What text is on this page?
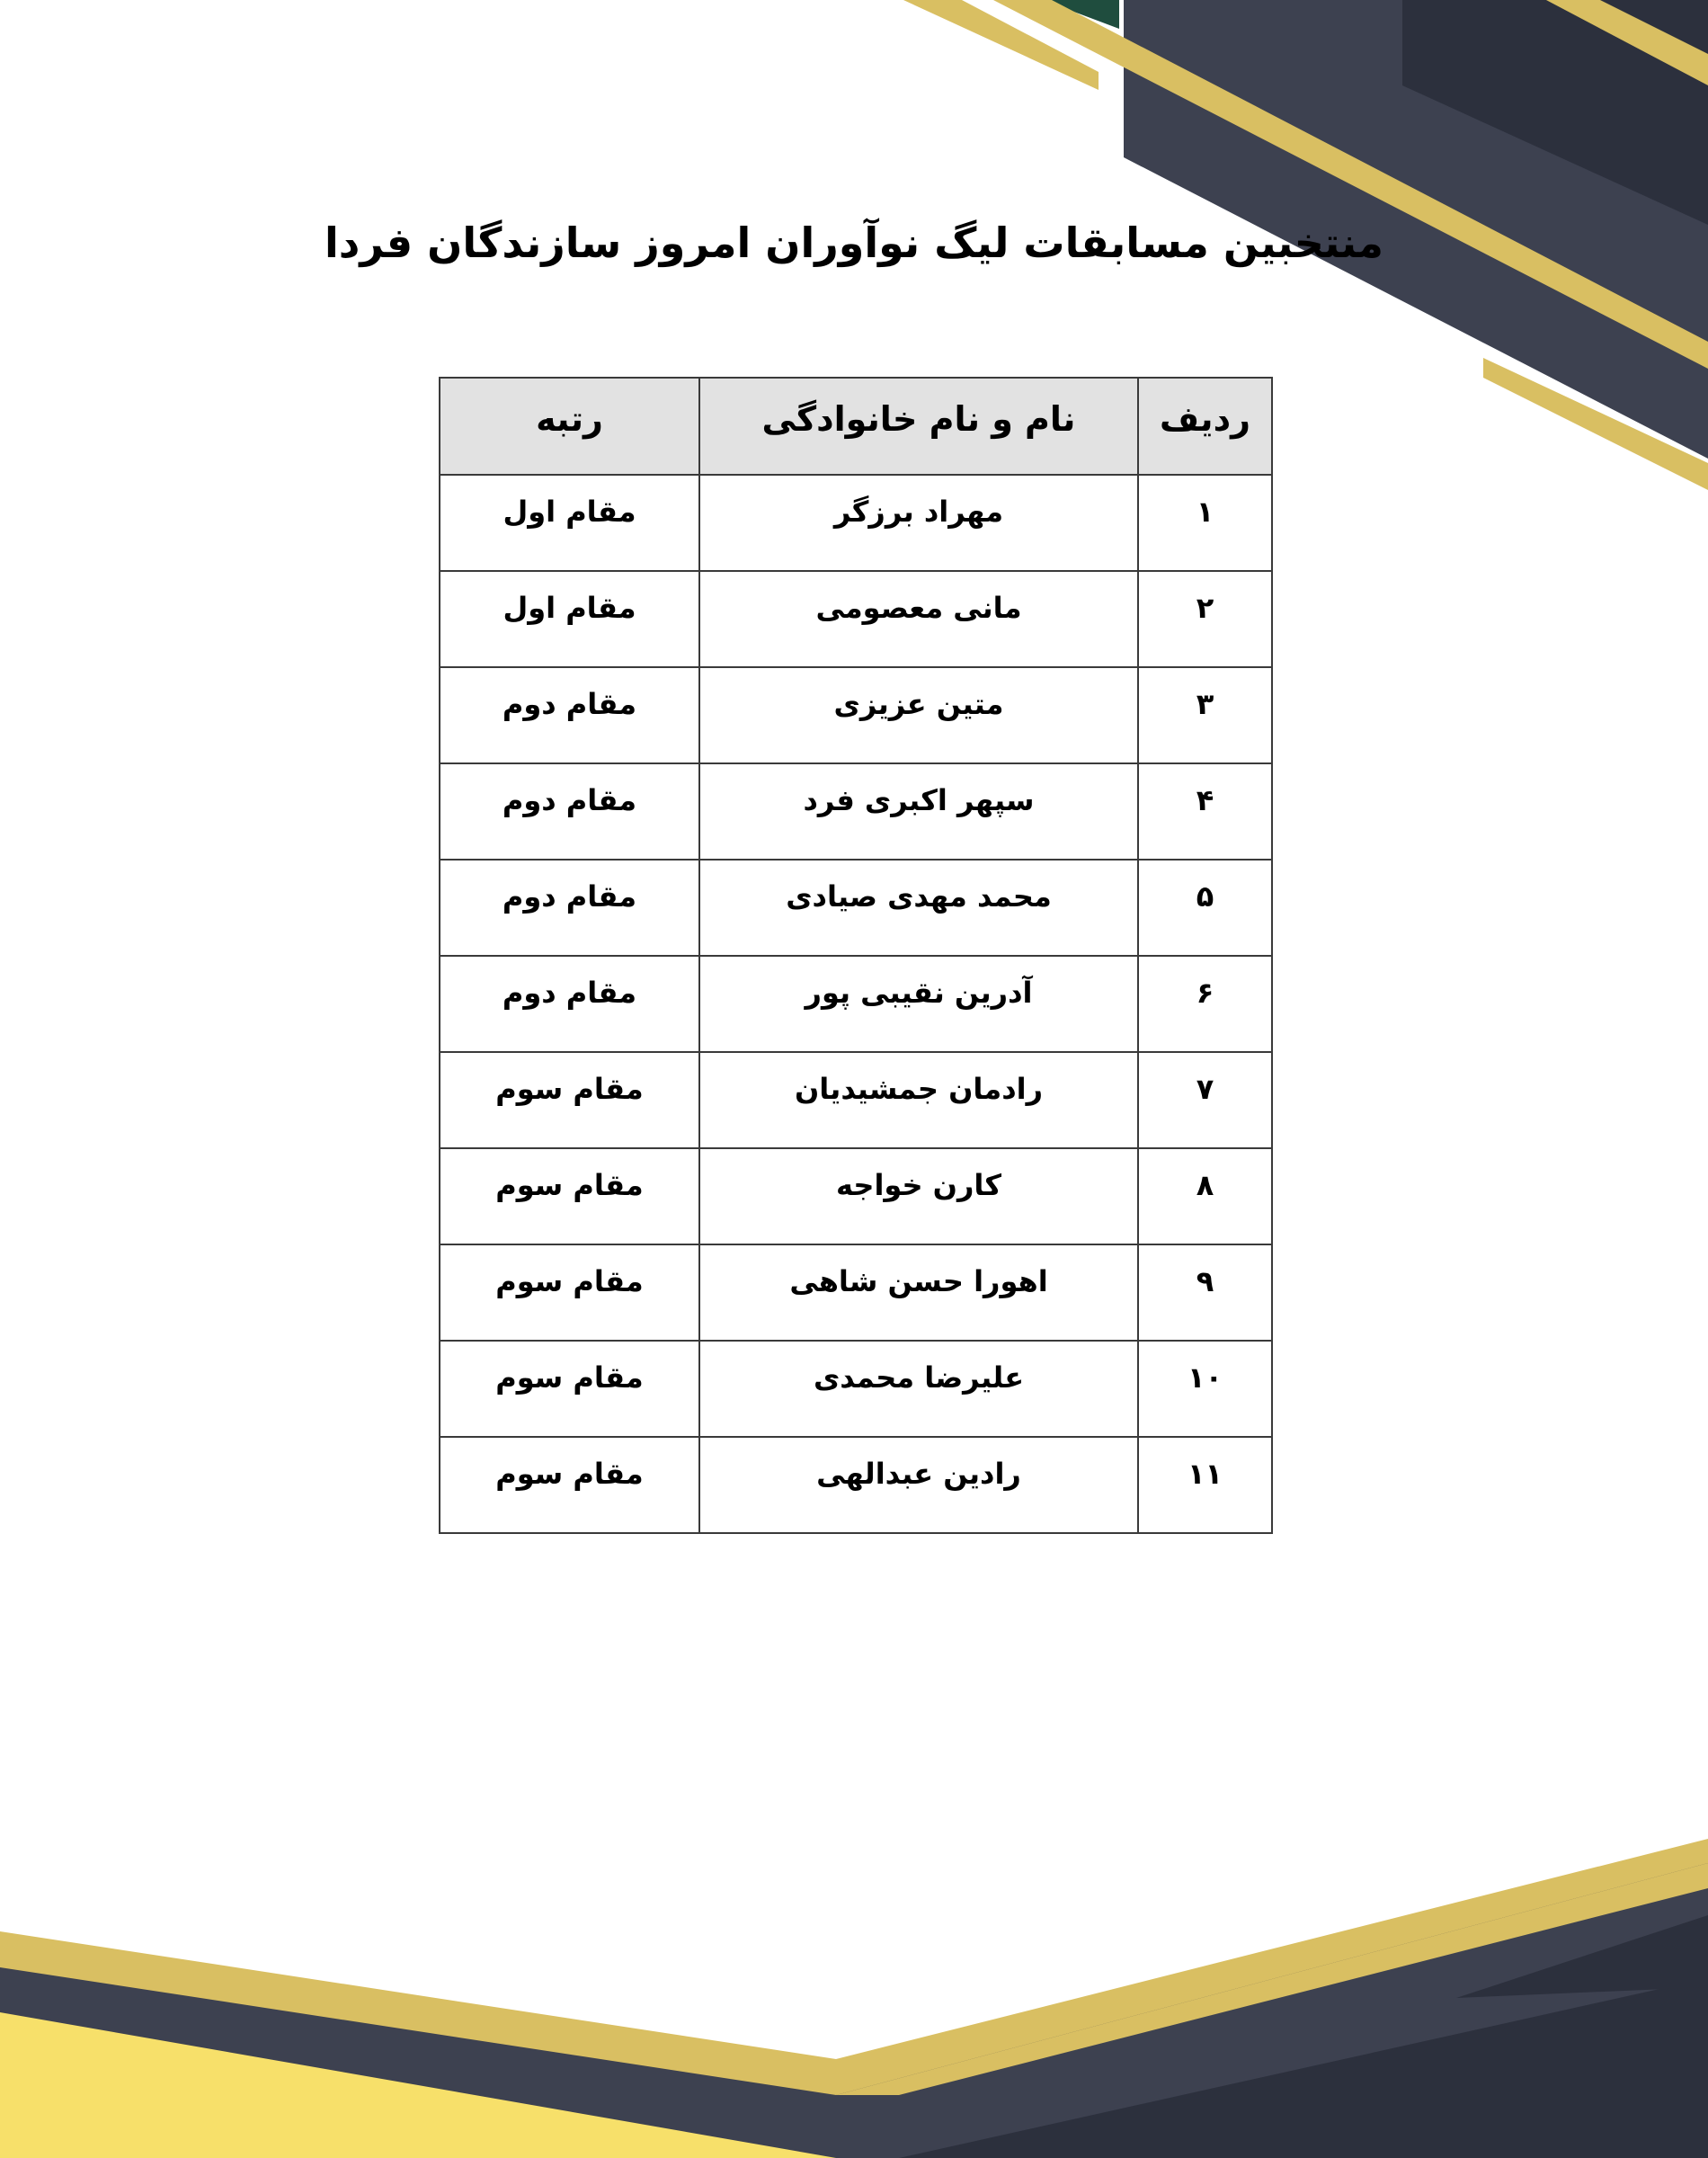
منتخبین مسابقات لیگ نوآوران امروز سازندگان فردا
ردیف	نام و نام خانوادگی	رتبه
۱	مهراد برزگر	مقام اول
۲	مانی معصومی	مقام اول
۳	متین عزیزی	مقام دوم
۴	سپهر اکبری فرد	مقام دوم
۵	محمد مهدی صیادی	مقام دوم
۶	آدرین نقیبی پور	مقام دوم
۷	رادمان جمشیدیان	مقام سوم
۸	کارن خواجه	مقام سوم
۹	اهورا حسن شاهی	مقام سوم
۱۰	علیرضا محمدی	مقام سوم
۱۱	رادین عبدالهی	مقام سوم
